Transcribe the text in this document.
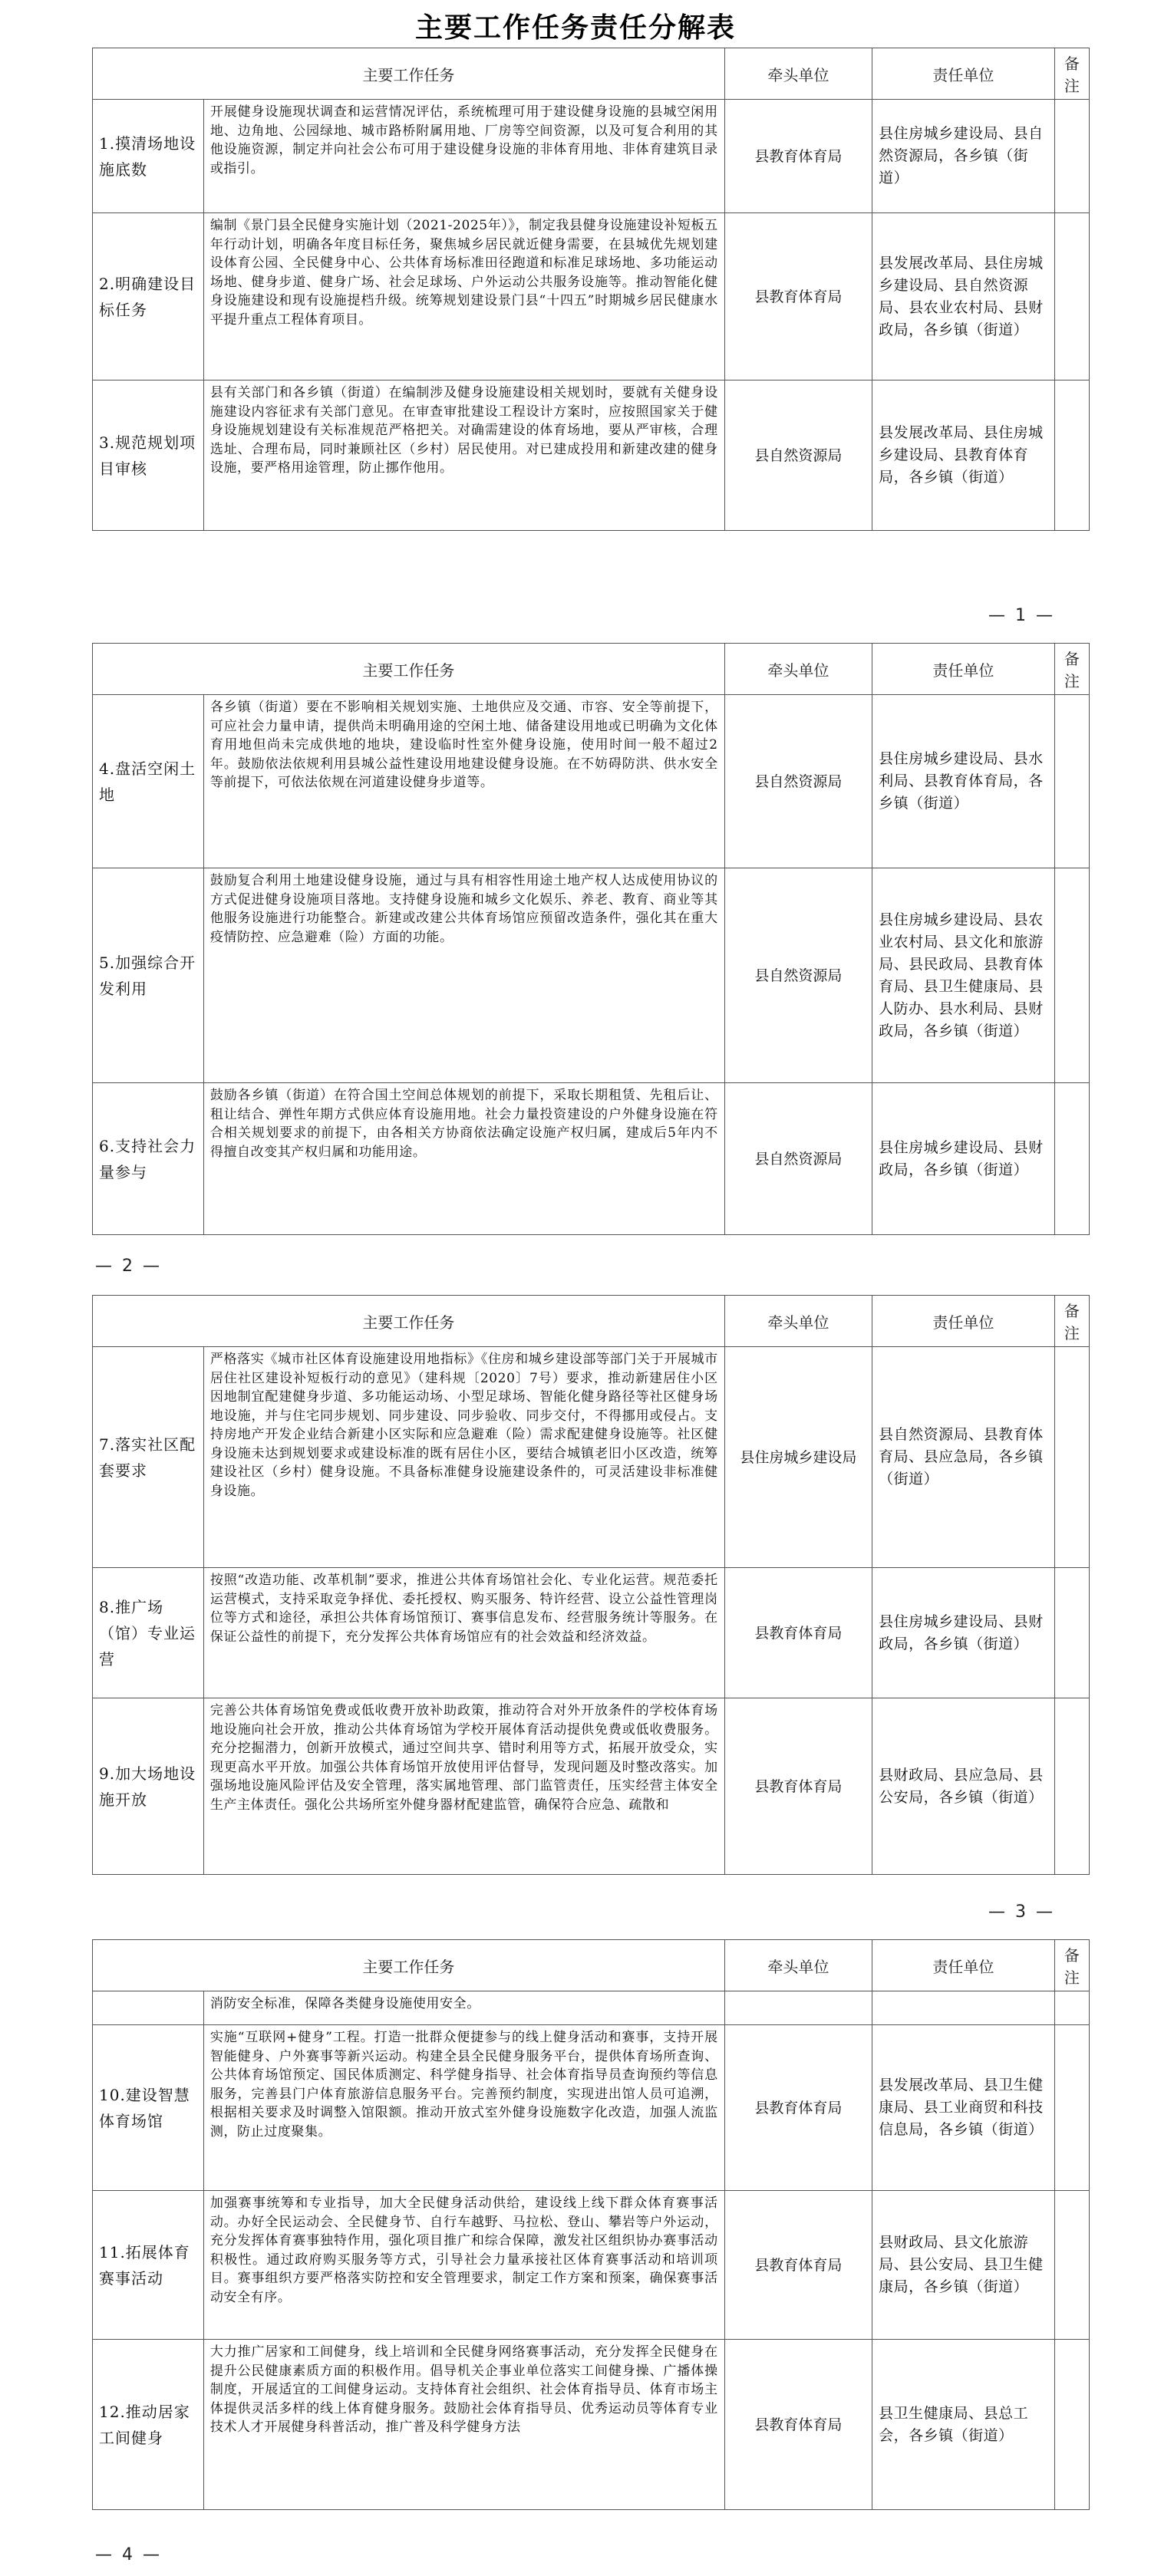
主要工作任务责任分解表
主要工作任务		牵头单位	责任单位	备注
1.摸清场地设施底数	开展健身设施现状调查和运营情况评估，系统梳理可用于建设健身设施的县城空闲用地、边角地、公园绿地、城市路桥附属用地、厂房等空间资源，以及可复合利用的其他设施资源，制定并向社会公布可用于建设健身设施的非体育用地、非体育建筑目录或指引。	县教育体育局	县住房城乡建设局、县自然资源局，各乡镇（街道）	
2.明确建设目标任务	编制《景门县全民健身实施计划（2021-2025年）》，制定我县健身设施建设补短板五年行动计划，明确各年度目标任务，聚焦城乡居民就近健身需要，在县城优先规划建设体育公园、全民健身中心、公共体育场标准田径跑道和标准足球场地、多功能运动场地、健身步道、健身广场、社会足球场、户外运动公共服务设施等。推动智能化健身设施建设和现有设施提档升级。统筹规划建设景门县“十四五”时期城乡居民健康水平提升重点工程体育项目。	县教育体育局	县发展改革局、县住房城乡建设局、县自然资源局、县农业农村局、县财政局，各乡镇（街道）	
3.规范规划项目审核	县有关部门和各乡镇（街道）在编制涉及健身设施建设相关规划时，要就有关健身设施建设内容征求有关部门意见。在审查审批建设工程设计方案时，应按照国家关于健身设施规划建设有关标准规范严格把关。对确需建设的体育场地，要从严审核，合理选址、合理布局，同时兼顾社区（乡村）居民使用。对已建成投用和新建改建的健身设施，要严格用途管理，防止挪作他用。	县自然资源局	县发展改革局、县住房城乡建设局、县教育体育局，各乡镇（街道）	
— 1 —
主要工作任务		牵头单位	责任单位	备注
4.盘活空闲土地	各乡镇（街道）要在不影响相关规划实施、土地供应及交通、市容、安全等前提下，可应社会力量申请，提供尚未明确用途的空闲土地、储备建设用地或已明确为文化体育用地但尚未完成供地的地块，建设临时性室外健身设施，使用时间一般不超过2年。鼓励依法依规利用县城公益性建设用地建设健身设施。在不妨碍防洪、供水安全等前提下，可依法依规在河道建设健身步道等。	县自然资源局	县住房城乡建设局、县水利局、县教育体育局，各乡镇（街道）	
5.加强综合开发利用	鼓励复合利用土地建设健身设施，通过与具有相容性用途土地产权人达成使用协议的方式促进健身设施项目落地。支持健身设施和城乡文化娱乐、养老、教育、商业等其他服务设施进行功能整合。新建或改建公共体育场馆应预留改造条件，强化其在重大疫情防控、应急避难（险）方面的功能。	县自然资源局	县住房城乡建设局、县农业农村局、县文化和旅游局、县民政局、县教育体育局、县卫生健康局、县人防办、县水利局、县财政局，各乡镇（街道）	
6.支持社会力量参与	鼓励各乡镇（街道）在符合国土空间总体规划的前提下，采取长期租赁、先租后让、租让结合、弹性年期方式供应体育设施用地。社会力量投资建设的户外健身设施在符合相关规划要求的前提下，由各相关方协商依法确定设施产权归属，建成后5年内不得擅自改变其产权归属和功能用途。	县自然资源局	县住房城乡建设局、县财政局，各乡镇（街道）	
— 2 —
主要工作任务		牵头单位	责任单位	备注
7.落实社区配套要求	严格落实《城市社区体育设施建设用地指标》《住房和城乡建设部等部门关于开展城市居住社区建设补短板行动的意见》（建科规〔2020〕7号）要求，推动新建居住小区因地制宜配建健身步道、多功能运动场、小型足球场、智能化健身路径等社区健身场地设施，并与住宅同步规划、同步建设、同步验收、同步交付，不得挪用或侵占。支持房地产开发企业结合新建小区实际和应急避难（险）需求配建健身设施等。社区健身设施未达到规划要求或建设标准的既有居住小区，要结合城镇老旧小区改造，统筹建设社区（乡村）健身设施。不具备标准健身设施建设条件的，可灵活建设非标准健身设施。	县住房城乡建设局	县自然资源局、县教育体育局、县应急局，各乡镇（街道）	
8.推广场（馆）专业运营	按照“改造功能、改革机制”要求，推进公共体育场馆社会化、专业化运营。规范委托运营模式，支持采取竞争择优、委托授权、购买服务、特许经营、设立公益性管理岗位等方式和途径，承担公共体育场馆预订、赛事信息发布、经营服务统计等服务。在保证公益性的前提下，充分发挥公共体育场馆应有的社会效益和经济效益。	县教育体育局	县住房城乡建设局、县财政局，各乡镇（街道）	
9.加大场地设施开放	完善公共体育场馆免费或低收费开放补助政策，推动符合对外开放条件的学校体育场地设施向社会开放，推动公共体育场馆为学校开展体育活动提供免费或低收费服务。充分挖掘潜力，创新开放模式，通过空间共享、错时利用等方式，拓展开放受众，实现更高水平开放。加强公共体育场馆开放使用评估督导，发现问题及时整改落实。加强场地设施风险评估及安全管理，落实属地管理、部门监管责任，压实经营主体安全生产主体责任。强化公共场所室外健身器材配建监管，确保符合应急、疏散和	县教育体育局	县财政局、县应急局、县公安局，各乡镇（街道）	
— 3 —
主要工作任务		牵头单位	责任单位	备注
	消防安全标准，保障各类健身设施使用安全。			
10.建设智慧体育场馆	实施“互联网+健身”工程。打造一批群众便捷参与的线上健身活动和赛事，支持开展智能健身、户外赛事等新兴运动。构建全县全民健身服务平台，提供体育场所查询、公共体育场馆预定、国民体质测定、科学健身指导、社会体育指导员查询预约等信息服务，完善县门户体育旅游信息服务平台。完善预约制度，实现进出馆人员可追溯，根据相关要求及时调整入馆限额。推动开放式室外健身设施数字化改造，加强人流监测，防止过度聚集。	县教育体育局	县发展改革局、县卫生健康局、县工业商贸和科技信息局，各乡镇（街道）	
11.拓展体育赛事活动	加强赛事统筹和专业指导，加大全民健身活动供给，建设线上线下群众体育赛事活动。办好全民运动会、全民健身节、自行车越野、马拉松、登山、攀岩等户外运动，充分发挥体育赛事独特作用，强化项目推广和综合保障，激发社区组织协办赛事活动积极性。通过政府购买服务等方式，引导社会力量承接社区体育赛事活动和培训项目。赛事组织方要严格落实防控和安全管理要求，制定工作方案和预案，确保赛事活动安全有序。	县教育体育局	县财政局、县文化旅游局、县公安局、县卫生健康局，各乡镇（街道）	
12.推动居家工间健身	大力推广居家和工间健身，线上培训和全民健身网络赛事活动，充分发挥全民健身在提升公民健康素质方面的积极作用。倡导机关企事业单位落实工间健身操、广播体操制度，开展适宜的工间健身运动。支持体育社会组织、社会体育指导员、体育市场主体提供灵活多样的线上体育健身服务。鼓励社会体育指导员、优秀运动员等体育专业技术人才开展健身科普活动，推广普及科学健身方法	县教育体育局	县卫生健康局、县总工会，各乡镇（街道）	
— 4 —
